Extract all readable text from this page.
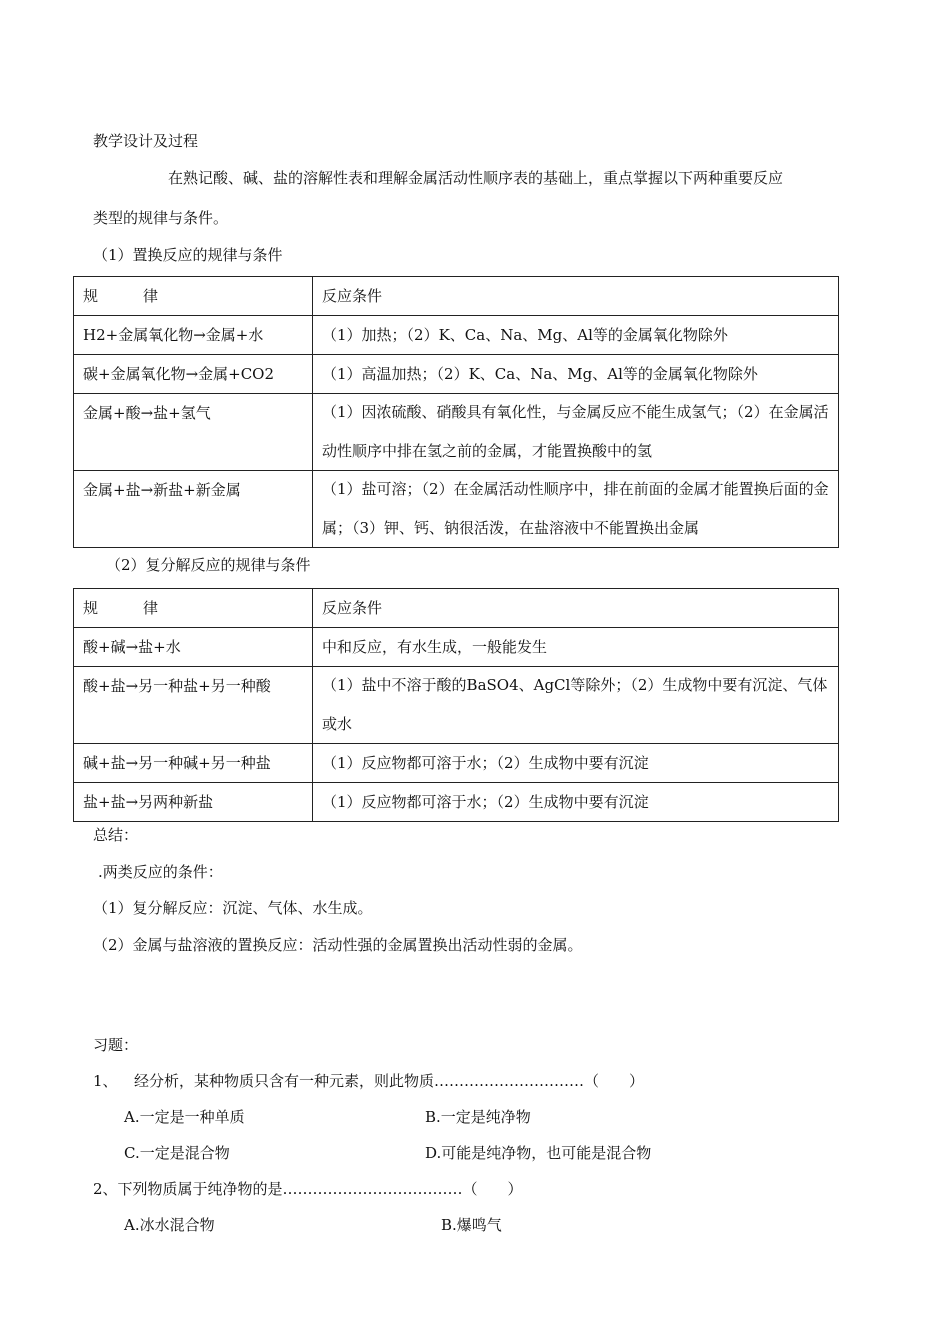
教学设计及过程
在熟记酸、碱、盐的溶解性表和理解金属活动性顺序表的基础上，重点掌握以下两种重要反应
类型的规律与条件。
（1）置换反应的规律与条件
规　　　律	反应条件
H2+金属氧化物→金属+水	（1）加热；（2）K、Ca、Na、Mg、Al等的金属氧化物除外
碳+金属氧化物→金属+CO2	（1）高温加热；（2）K、Ca、Na、Mg、Al等的金属氧化物除外
金属+酸→盐+氢气	（1）因浓硫酸、硝酸具有氧化性，与金属反应不能生成氢气；（2）在金属活动性顺序中排在氢之前的金属，才能置换酸中的氢

金属+盐→新盐+新金属	（1）盐可溶；（2）在金属活动性顺序中，排在前面的金属才能置换后面的金属；（3）钾、钙、钠很活泼，在盐溶液中不能置换出金属
（2）复分解反应的规律与条件
规　　　律	反应条件
酸+碱→盐+水	中和反应，有水生成，一般能发生
酸+盐→另一种盐+另一种酸	（1）盐中不溶于酸的BaSO4、AgCl等除外；（2）生成物中要有沉淀、气体或水

碱+盐→另一种碱+另一种盐	（1）反应物都可溶于水；（2）生成物中要有沉淀
盐+盐→另两种新盐	（1）反应物都可溶于水；（2）生成物中要有沉淀
总结：
.两类反应的条件：
（1）复分解反应：沉淀、气体、水生成。
（2）金属与盐溶液的置换反应：活动性强的金属置换出活动性弱的金属。
习题：
1、 经分析，某种物质只含有一种元素，则此物质…………………………（　　）
A.一定是一种单质	B.一定是纯净物
C.一定是混合物	D.可能是纯净物，也可能是混合物
2、下列物质属于纯净物的是………………………………（　　）
A.冰水混合物	B.爆鸣气
